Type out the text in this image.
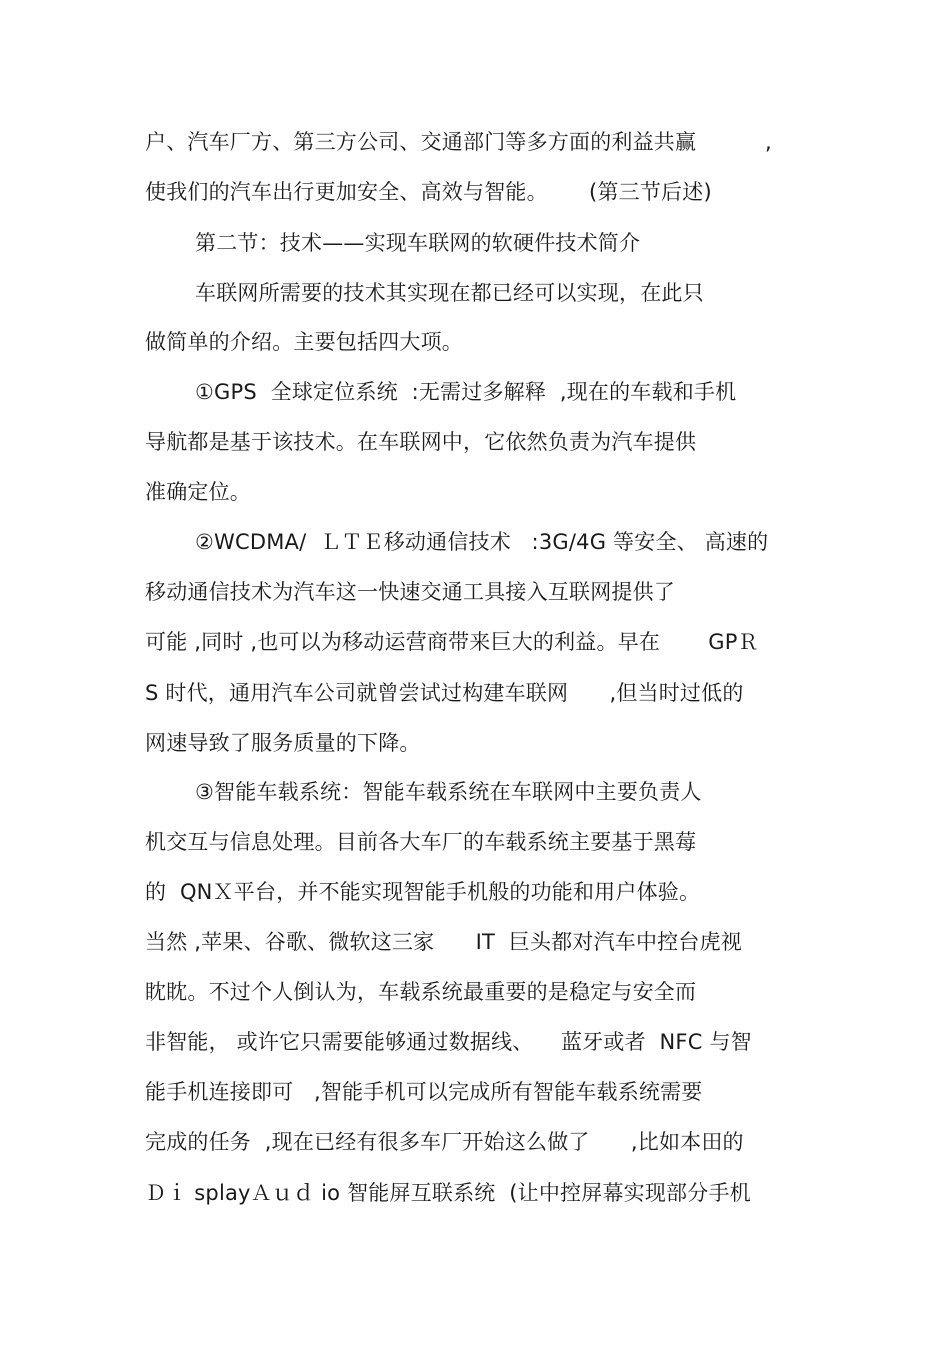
户、汽车厂方、第三方公司、交通部门等多方面的利益共赢          ,
使我们的汽车出行更加安全、高效与智能。      (第三节后述)
第二节：技术——实现车联网的软硬件技术简介
车联网所需要的技术其实现在都已经可以实现，在此只
做简单的介绍。主要包括四大项。
①GPS  全球定位系统  :无需过多解释  ,现在的车载和手机
导航都是基于该技术。在车联网中，它依然负责为汽车提供
准确定位。
②WCDMA/  ＬＴＥ移动通信技术   :3G/4G 等安全、 高速的
移动通信技术为汽车这一快速交通工具接入互联网提供了
可能 ,同时 ,也可以为移动运营商带来巨大的利益。早在       GPＲ
S 时代，通用汽车公司就曾尝试过构建车联网      ,但当时过低的
网速导致了服务质量的下降。
③智能车载系统：智能车载系统在车联网中主要负责人
机交互与信息处理。目前各大车厂的车载系统主要基于黑莓
的  QNＸ平台，并不能实现智能手机般的功能和用户体验。
当然 ,苹果、谷歌、微软这三家      IT  巨头都对汽车中控台虎视
眈眈。不过个人倒认为，车载系统最重要的是稳定与安全而
非智能， 或许它只需要能够通过数据线、    蓝牙或者  NFC 与智
能手机连接即可   ,智能手机可以完成所有智能车载系统需要
完成的任务  ,现在已经有很多车厂开始这么做了      ,比如本田的
Ｄｉ splayＡｕｄ io 智能屏互联系统  (让中控屏幕实现部分手机
